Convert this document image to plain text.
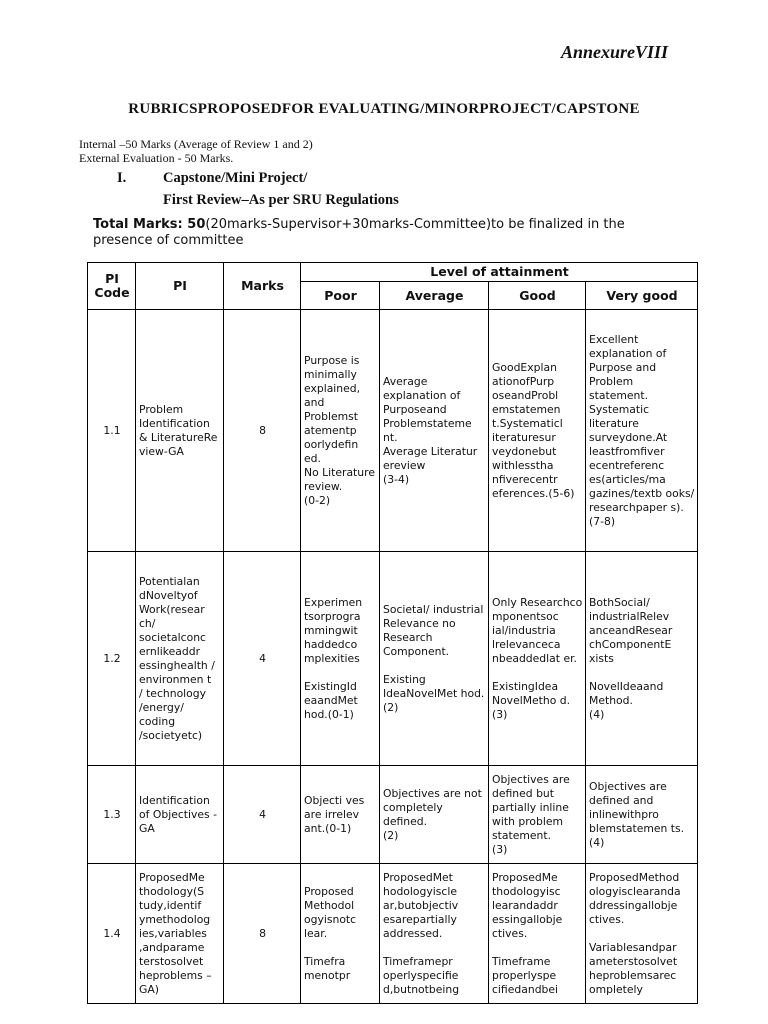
AnnexureVIII
RUBRICSPROPOSEDFOR EVALUATING/MINORPROJECT/CAPSTONE
Internal –50 Marks (Average of Review 1 and 2)
External Evaluation - 50 Marks.
I.	Capstone/Mini Project/
First Review–As per SRU Regulations
Total Marks: 50(20marks-Supervisor+30marks-Committee)to be finalized in the presence of committee
PI Code	PI	Marks	Level of attainment			
			Poor	Average	Good	Very good
1.1	Problem Identification & LiteratureRe view-GA	8	Purpose is minimally explained, and Problemst atementp oorlydefin ed.
No Literature review.
(0-2)	Average explanation of Purposeand Problemstateme nt.
Average Literatur ereview
(3-4)	GoodExplan ationofPurp oseandProbl emstatemen t.Systematicl iteraturesur veydonebut withlesstha nfiverecentr eferences.(5-6)	Excellent explanation of Purpose and Problem statement. Systematic literature surveydone.At leastfromfiver ecentreferenc es(articles/ma gazines/textb ooks/ researchpaper s).
(7-8)
1.2	Potentialan dNoveltyof Work(resear ch/ societalconc ernlikeaddr essinghealth /
environmen t
/ technology /energy/ coding /societyetc)	4	Experimen tsorprogra mmingwit haddedco mplexities

ExistingId eaandMet hod.(0-1)	Societal/ industrial Relevance no Research Component.

Existing IdeaNovelMet hod.(2)	Only Researchco mponentsoc ial/industria lrelevanceca nbeaddedlat er.

ExistingIdea NovelMetho d.
(3)	BothSocial/ industrialRelev anceandResear chComponentE xists

NovelIdeaand Method.
(4)
1.3	Identification of Objectives -GA	4	Objecti ves are irrelev ant.(0-1)	Objectives are not completely defined.
(2)	Objectives are defined but partially inline with problem statement.
(3)	Objectives are defined and inlinewithpro blemstatemen ts.(4)
1.4	ProposedMe thodology(S tudy,identif ymethodolog ies,variables ,andparame terstosolvet heproblems –GA)	8	Proposed Methodol ogyisnotc lear.

Timefra menotpr	ProposedMet hodologyiscle ar,butobjectiv esarepartially addressed.

Timeframepr operlyspecifie d,butnotbeing	ProposedMe thodologyisc learandaddr essingallobje ctives.

Timeframe properlyspe cifiedandbei	ProposedMethod ologyisclearanda ddressingallobje ctives.

Variablesandpar ameterstosolvet heproblemsarec ompletely
